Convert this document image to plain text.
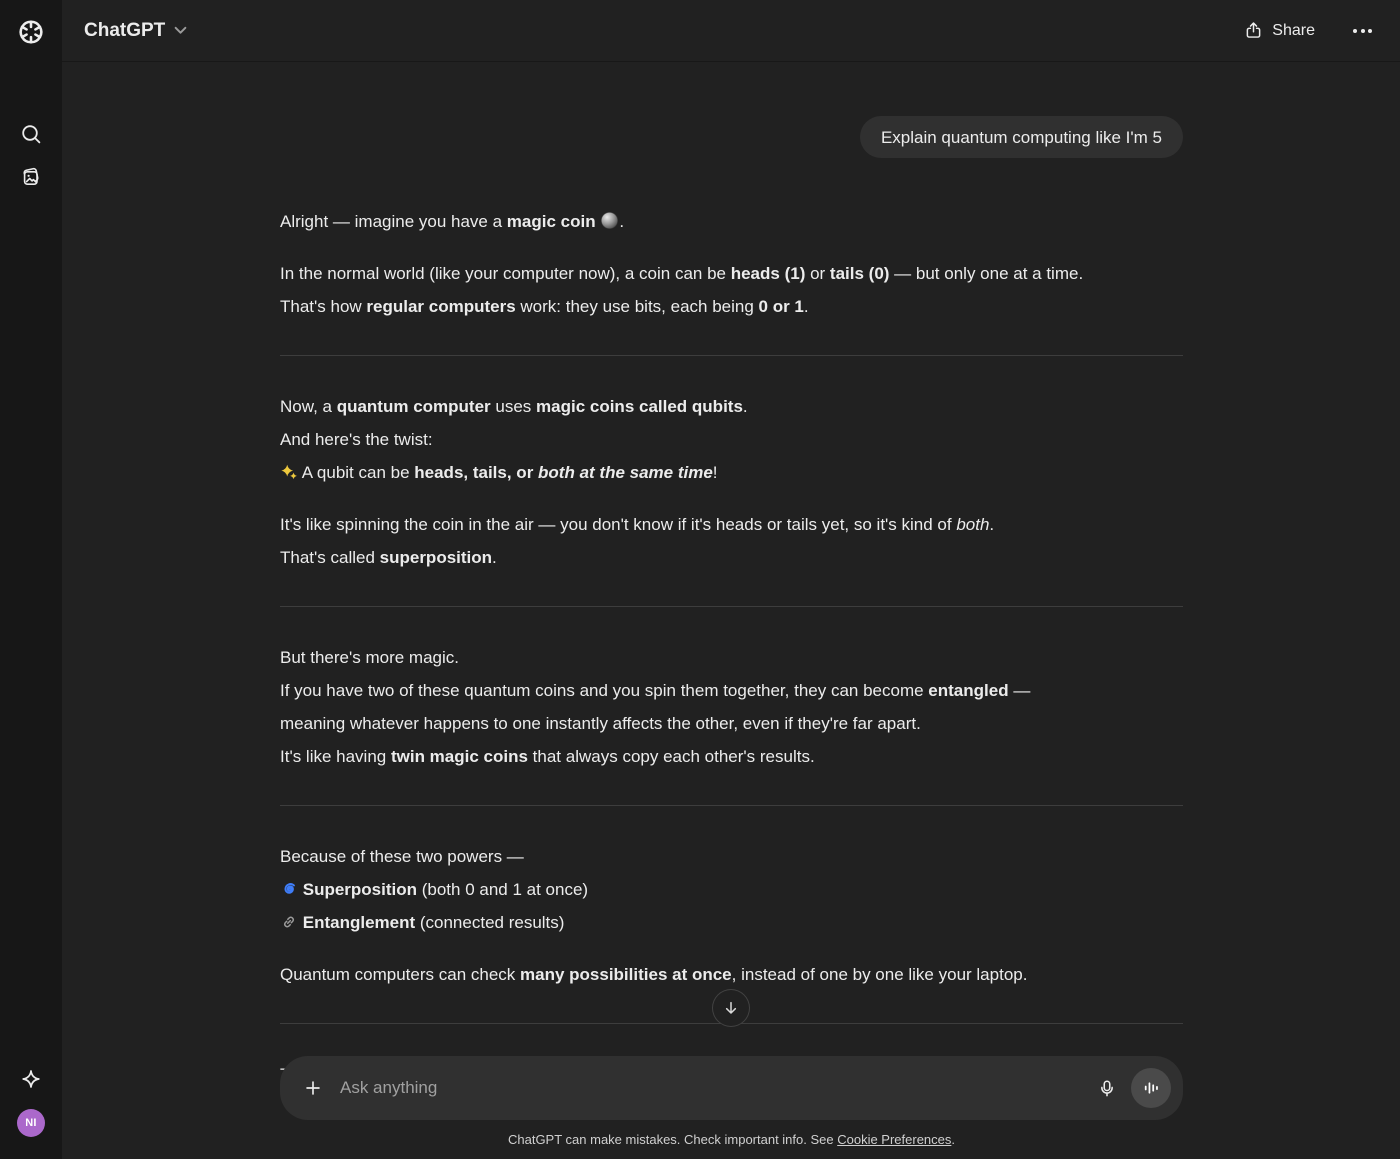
NI
ChatGPT	Share
Explain quantum computing like I'm 5
Alright — imagine you have a magic coin .
In the normal world (like your computer now), a coin can be heads (1) or tails (0) — but only one at a time.
That's how regular computers work: they use bits, each being 0 or 1.
Now, a quantum computer uses magic coins called qubits.
And here's the twist:
A qubit can be heads, tails, or both at the same time!
It's like spinning the coin in the air — you don't know if it's heads or tails yet, so it's kind of both.
That's called superposition.
But there's more magic.
If you have two of these quantum coins and you spin them together, they can become entangled —
meaning whatever happens to one instantly affects the other, even if they're far apart.
It's like having twin magic coins that always copy each other's results.
Because of these two powers —
Superposition (both 0 and 1 at once)
Entanglement (connected results)
Quantum computers can check many possibilities at once, instead of one by one like your laptop.
Ask anything
ChatGPT can make mistakes. Check important info. See Cookie Preferences.
